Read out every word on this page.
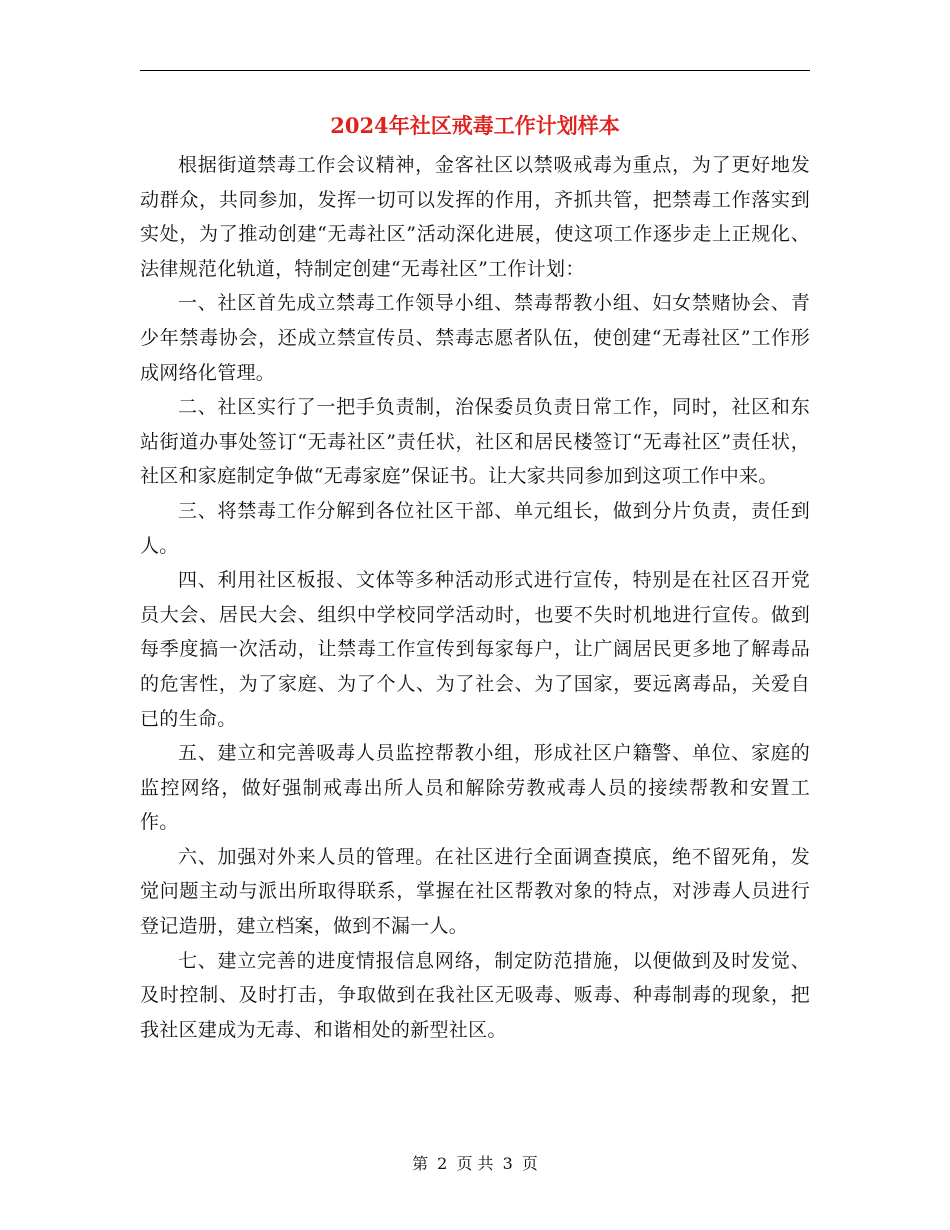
2024年社区戒毒工作计划样本

根据街道禁毒工作会议精神，金客社区以禁吸戒毒为重点，为了更好地发动群众，共同参加，发挥一切可以发挥的作用，齐抓共管，把禁毒工作落实到实处，为了推动创建“无毒社区”活动深化进展，使这项工作逐步走上正规化、法律规范化轨道，特制定创建“无毒社区”工作计划：

一、社区首先成立禁毒工作领导小组、禁毒帮教小组、妇女禁赌协会、青少年禁毒协会，还成立禁宣传员、禁毒志愿者队伍，使创建“无毒社区”工作形成网络化管理。

二、社区实行了一把手负责制，治保委员负责日常工作，同时，社区和东站街道办事处签订“无毒社区”责任状，社区和居民楼签订“无毒社区”责任状，社区和家庭制定争做“无毒家庭”保证书。让大家共同参加到这项工作中来。

三、将禁毒工作分解到各位社区干部、单元组长，做到分片负责，责任到人。

四、利用社区板报、文体等多种活动形式进行宣传，特别是在社区召开党员大会、居民大会、组织中学校同学活动时，也要不失时机地进行宣传。做到每季度搞一次活动，让禁毒工作宣传到每家每户，让广阔居民更多地了解毒品的危害性，为了家庭、为了个人、为了社会、为了国家，要远离毒品，关爱自已的生命。

五、建立和完善吸毒人员监控帮教小组，形成社区户籍警、单位、家庭的监控网络，做好强制戒毒出所人员和解除劳教戒毒人员的接续帮教和安置工作。

六、加强对外来人员的管理。在社区进行全面调查摸底，绝不留死角，发觉问题主动与派出所取得联系，掌握在社区帮教对象的特点，对涉毒人员进行登记造册，建立档案，做到不漏一人。

七、建立完善的进度情报信息网络，制定防范措施，以便做到及时发觉、及时控制、及时打击，争取做到在我社区无吸毒、贩毒、种毒制毒的现象，把我社区建成为无毒、和谐相处的新型社区。

第 2 页 共 3 页
